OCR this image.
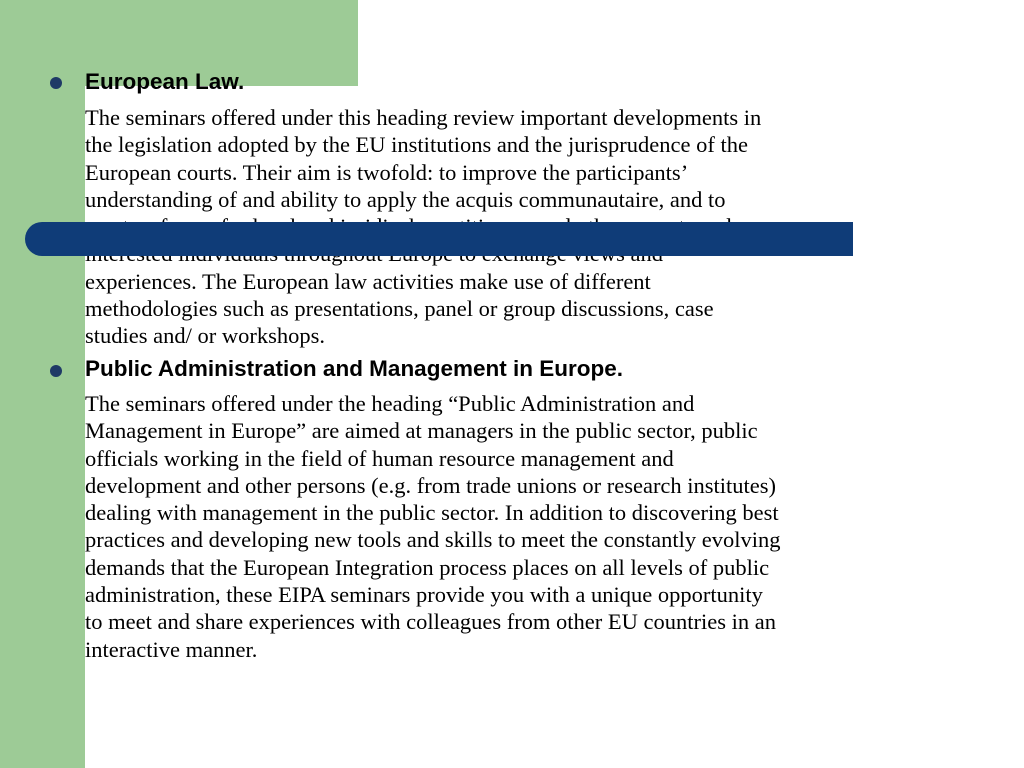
European Law.

The seminars offered under this heading review important developments in
the legislation adopted by the EU institutions and the jurisprudence of the
European courts. Their aim is twofold: to improve the participants’
understanding of and ability to apply the acquis communautaire, and to
experiences. The European law activities make use of different
methodologies such as presentations, panel or group discussions, case
studies and/ or workshops.

Public Administration and Management in Europe.

The seminars offered under the heading “Public Administration and
Management in Europe” are aimed at managers in the public sector, public
officials working in the field of human resource management and
development and other persons (e.g. from trade unions or research institutes)
dealing with management in the public sector. In addition to discovering best
practices and developing new tools and skills to meet the constantly evolving
demands that the European Integration process places on all levels of public
administration, these EIPA seminars provide you with a unique opportunity
to meet and share experiences with colleagues from other EU countries in an
interactive manner.
